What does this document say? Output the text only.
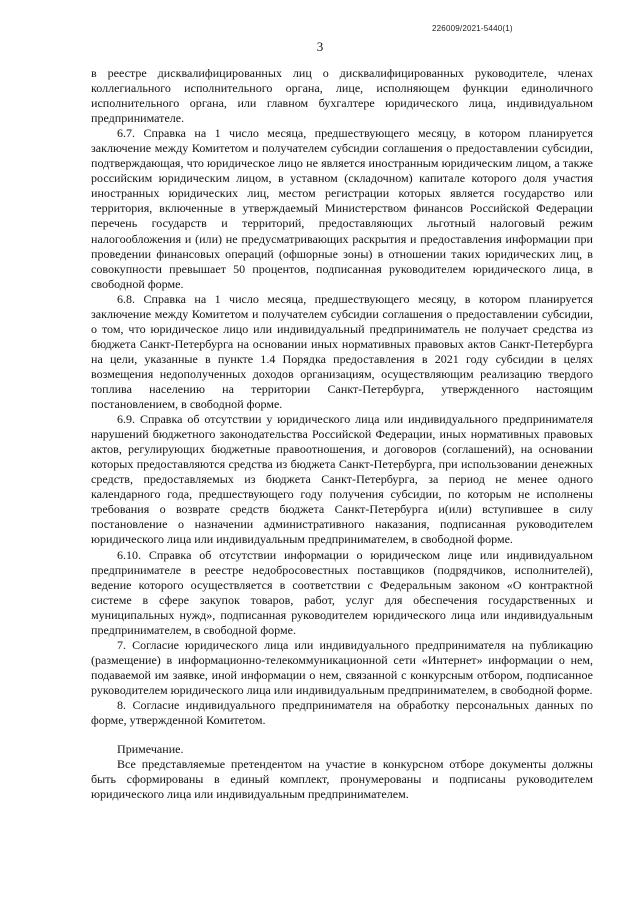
226009/2021-5440(1)
3

в реестре дисквалифицированных лиц о дисквалифицированных руководителе, членах коллегиального исполнительного органа, лице, исполняющем функции единоличного исполнительного органа, или главном бухгалтере юридического лица, индивидуальном предпринимателе.

6.7. Справка на 1 число месяца, предшествующего месяцу, в котором планируется заключение между Комитетом и получателем субсидии соглашения о предоставлении субсидии, подтверждающая, что юридическое лицо не является иностранным юридическим лицом, а также российским юридическим лицом, в уставном (складочном) капитале которого доля участия иностранных юридических лиц, местом регистрации которых является государство или территория, включенные в утверждаемый Министерством финансов Российской Федерации перечень государств и территорий, предоставляющих льготный налоговый режим налогообложения и (или) не предусматривающих раскрытия и предоставления информации при проведении финансовых операций (офшорные зоны) в отношении таких юридических лиц, в совокупности превышает 50 процентов, подписанная руководителем юридического лица, в свободной форме.

6.8. Справка на 1 число месяца, предшествующего месяцу, в котором планируется заключение между Комитетом и получателем субсидии соглашения о предоставлении субсидии, о том, что юридическое лицо или индивидуальный предприниматель не получает средства из бюджета Санкт-Петербурга на основании иных нормативных правовых актов Санкт-Петербурга на цели, указанные в пункте 1.4 Порядка предоставления в 2021 году субсидии в целях возмещения недополученных доходов организациям, осуществляющим реализацию твердого топлива населению на территории Санкт-Петербурга, утвержденного настоящим постановлением, в свободной форме.

6.9. Справка об отсутствии у юридического лица или индивидуального предпринимателя нарушений бюджетного законодательства Российской Федерации, иных нормативных правовых актов, регулирующих бюджетные правоотношения, и договоров (соглашений), на основании которых предоставляются средства из бюджета Санкт-Петербурга, при использовании денежных средств, предоставляемых из бюджета Санкт-Петербурга, за период не менее одного календарного года, предшествующего году получения субсидии, по которым не исполнены требования о возврате средств бюджета Санкт-Петербурга и(или) вступившее в силу постановление о назначении административного наказания, подписанная руководителем юридического лица или индивидуальным предпринимателем, в свободной форме.

6.10. Справка об отсутствии информации о юридическом лице или индивидуальном предпринимателе в реестре недобросовестных поставщиков (подрядчиков, исполнителей), ведение которого осуществляется в соответствии с Федеральным законом «О контрактной системе в сфере закупок товаров, работ, услуг для обеспечения государственных и муниципальных нужд», подписанная руководителем юридического лица или индивидуальным предпринимателем, в свободной форме.

7. Согласие юридического лица или индивидуального предпринимателя на публикацию (размещение) в информационно-телекоммуникационной сети «Интернет» информации о нем, подаваемой им заявке, иной информации о нем, связанной с конкурсным отбором, подписанное руководителем юридического лица или индивидуальным предпринимателем, в свободной форме.

8. Согласие индивидуального предпринимателя на обработку персональных данных по форме, утвержденной Комитетом.

Примечание.

Все представляемые претендентом на участие в конкурсном отборе документы должны быть сформированы в единый комплект, пронумерованы и подписаны руководителем юридического лица или индивидуальным предпринимателем.
